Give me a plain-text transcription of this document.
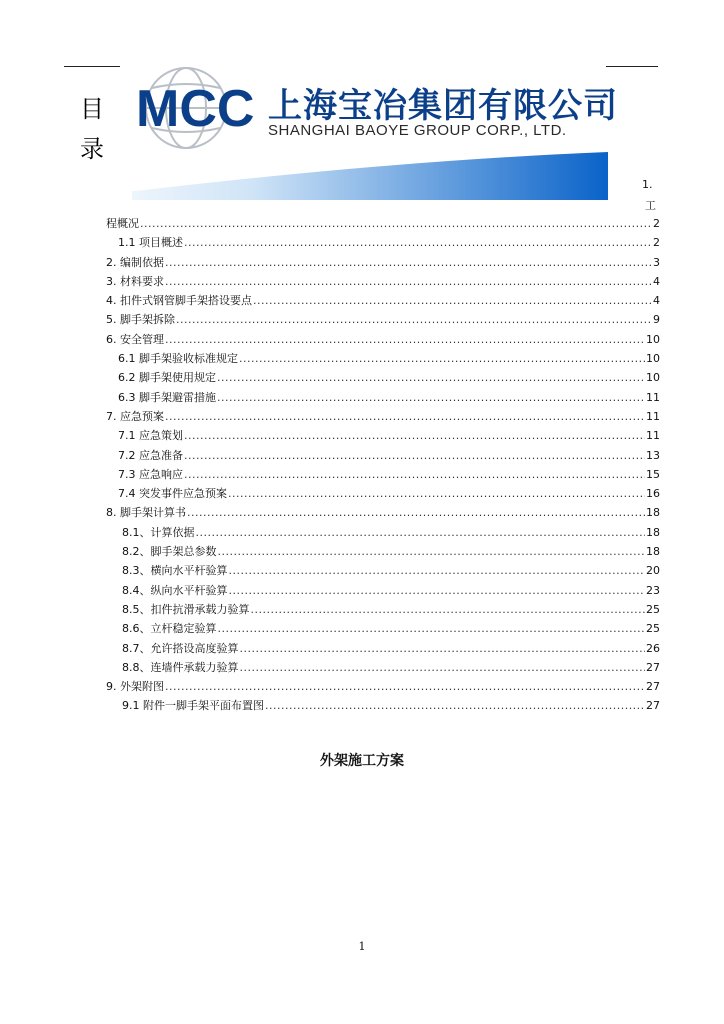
目
录
MCC 上海宝冶集团有限公司
SHANGHAI BAOYE GROUP CORP., LTD.
1.
工
程概况 .....	2
1.1 项目概述 .....	2
2. 编制依据 .....	3
3. 材料要求 .....	4
4. 扣件式钢管脚手架搭设要点 .....	4
5. 脚手架拆除 .....	9
6. 安全管理 .....	10
6.1 脚手架验收标准规定 .....	10
6.2 脚手架使用规定 .....	10
6.3 脚手架避雷措施 .....	11
7. 应急预案 .....	11
7.1 应急策划 .....	11
7.2 应急准备 .....	13
7.3 应急响应 .....	15
7.4 突发事件应急预案 .....	16
8. 脚手架计算书 .....	18
8.1、计算依据 .....	18
8.2、脚手架总参数 .....	18
8.3、横向水平杆验算 .....	20
8.4、纵向水平杆验算 .....	23
8.5、扣件抗滑承载力验算 .....	25
8.6、立杆稳定验算 .....	25
8.7、允许搭设高度验算 .....	26
8.8、连墙件承载力验算 .....	27
9. 外架附图 .....	27
9.1 附件一脚手架平面布置图 .....	27
外架施工方案
1
